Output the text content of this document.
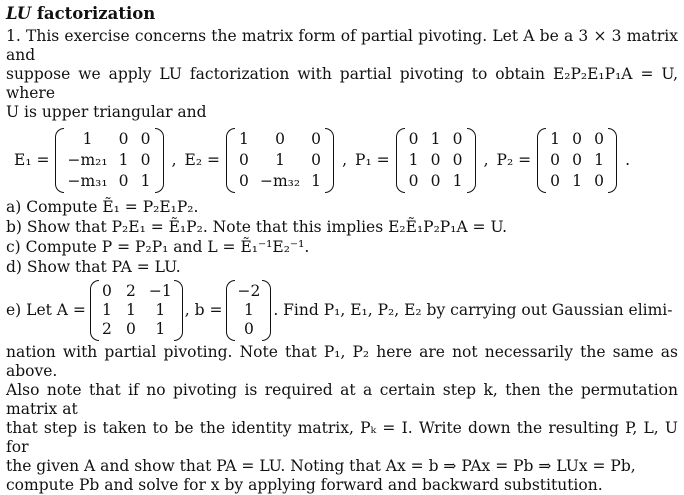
LU factorization
1. This exercise concerns the matrix form of partial pivoting. Let A be a 3 × 3 matrix and
suppose we apply LU factorization with partial pivoting to obtain E₂P₂E₁P₁A = U, where
U is upper triangular and
E₁ =
1	0 0
−m₂₁ 1 0
−m₃₁ 0 1
, E₂ =
1	0	0
0	1	0
0 −m₃₂ 1
, P₁ =
0 1 0
1 0 0
0 0 1
, P₂ =
1 0 0
0 0 1
0 1 0
.
a) Compute Ẽ₁ = P₂E₁P₂.
b) Show that P₂E₁ = Ẽ₁P₂. Note that this implies E₂Ẽ₁P₂P₁A = U.
c) Compute P = P₂P₁ and L = Ẽ₁⁻¹E₂⁻¹.
d) Show that PA = LU.
e) Let A =
0 2 −1
1 1	1
2 0	1
, b =
−2
1
0
. Find P₁, E₁, P₂, E₂ by carrying out Gaussian elimi-
nation with partial pivoting. Note that P₁, P₂ here are not necessarily the same as above.
Also note that if no pivoting is required at a certain step k, then the permutation matrix at
that step is taken to be the identity matrix, Pₖ = I. Write down the resulting P, L, U for
the given A and show that PA = LU. Noting that Ax = b ⇒ PAx = Pb ⇒ LUx = Pb,
compute Pb and solve for x by applying forward and backward substitution.
